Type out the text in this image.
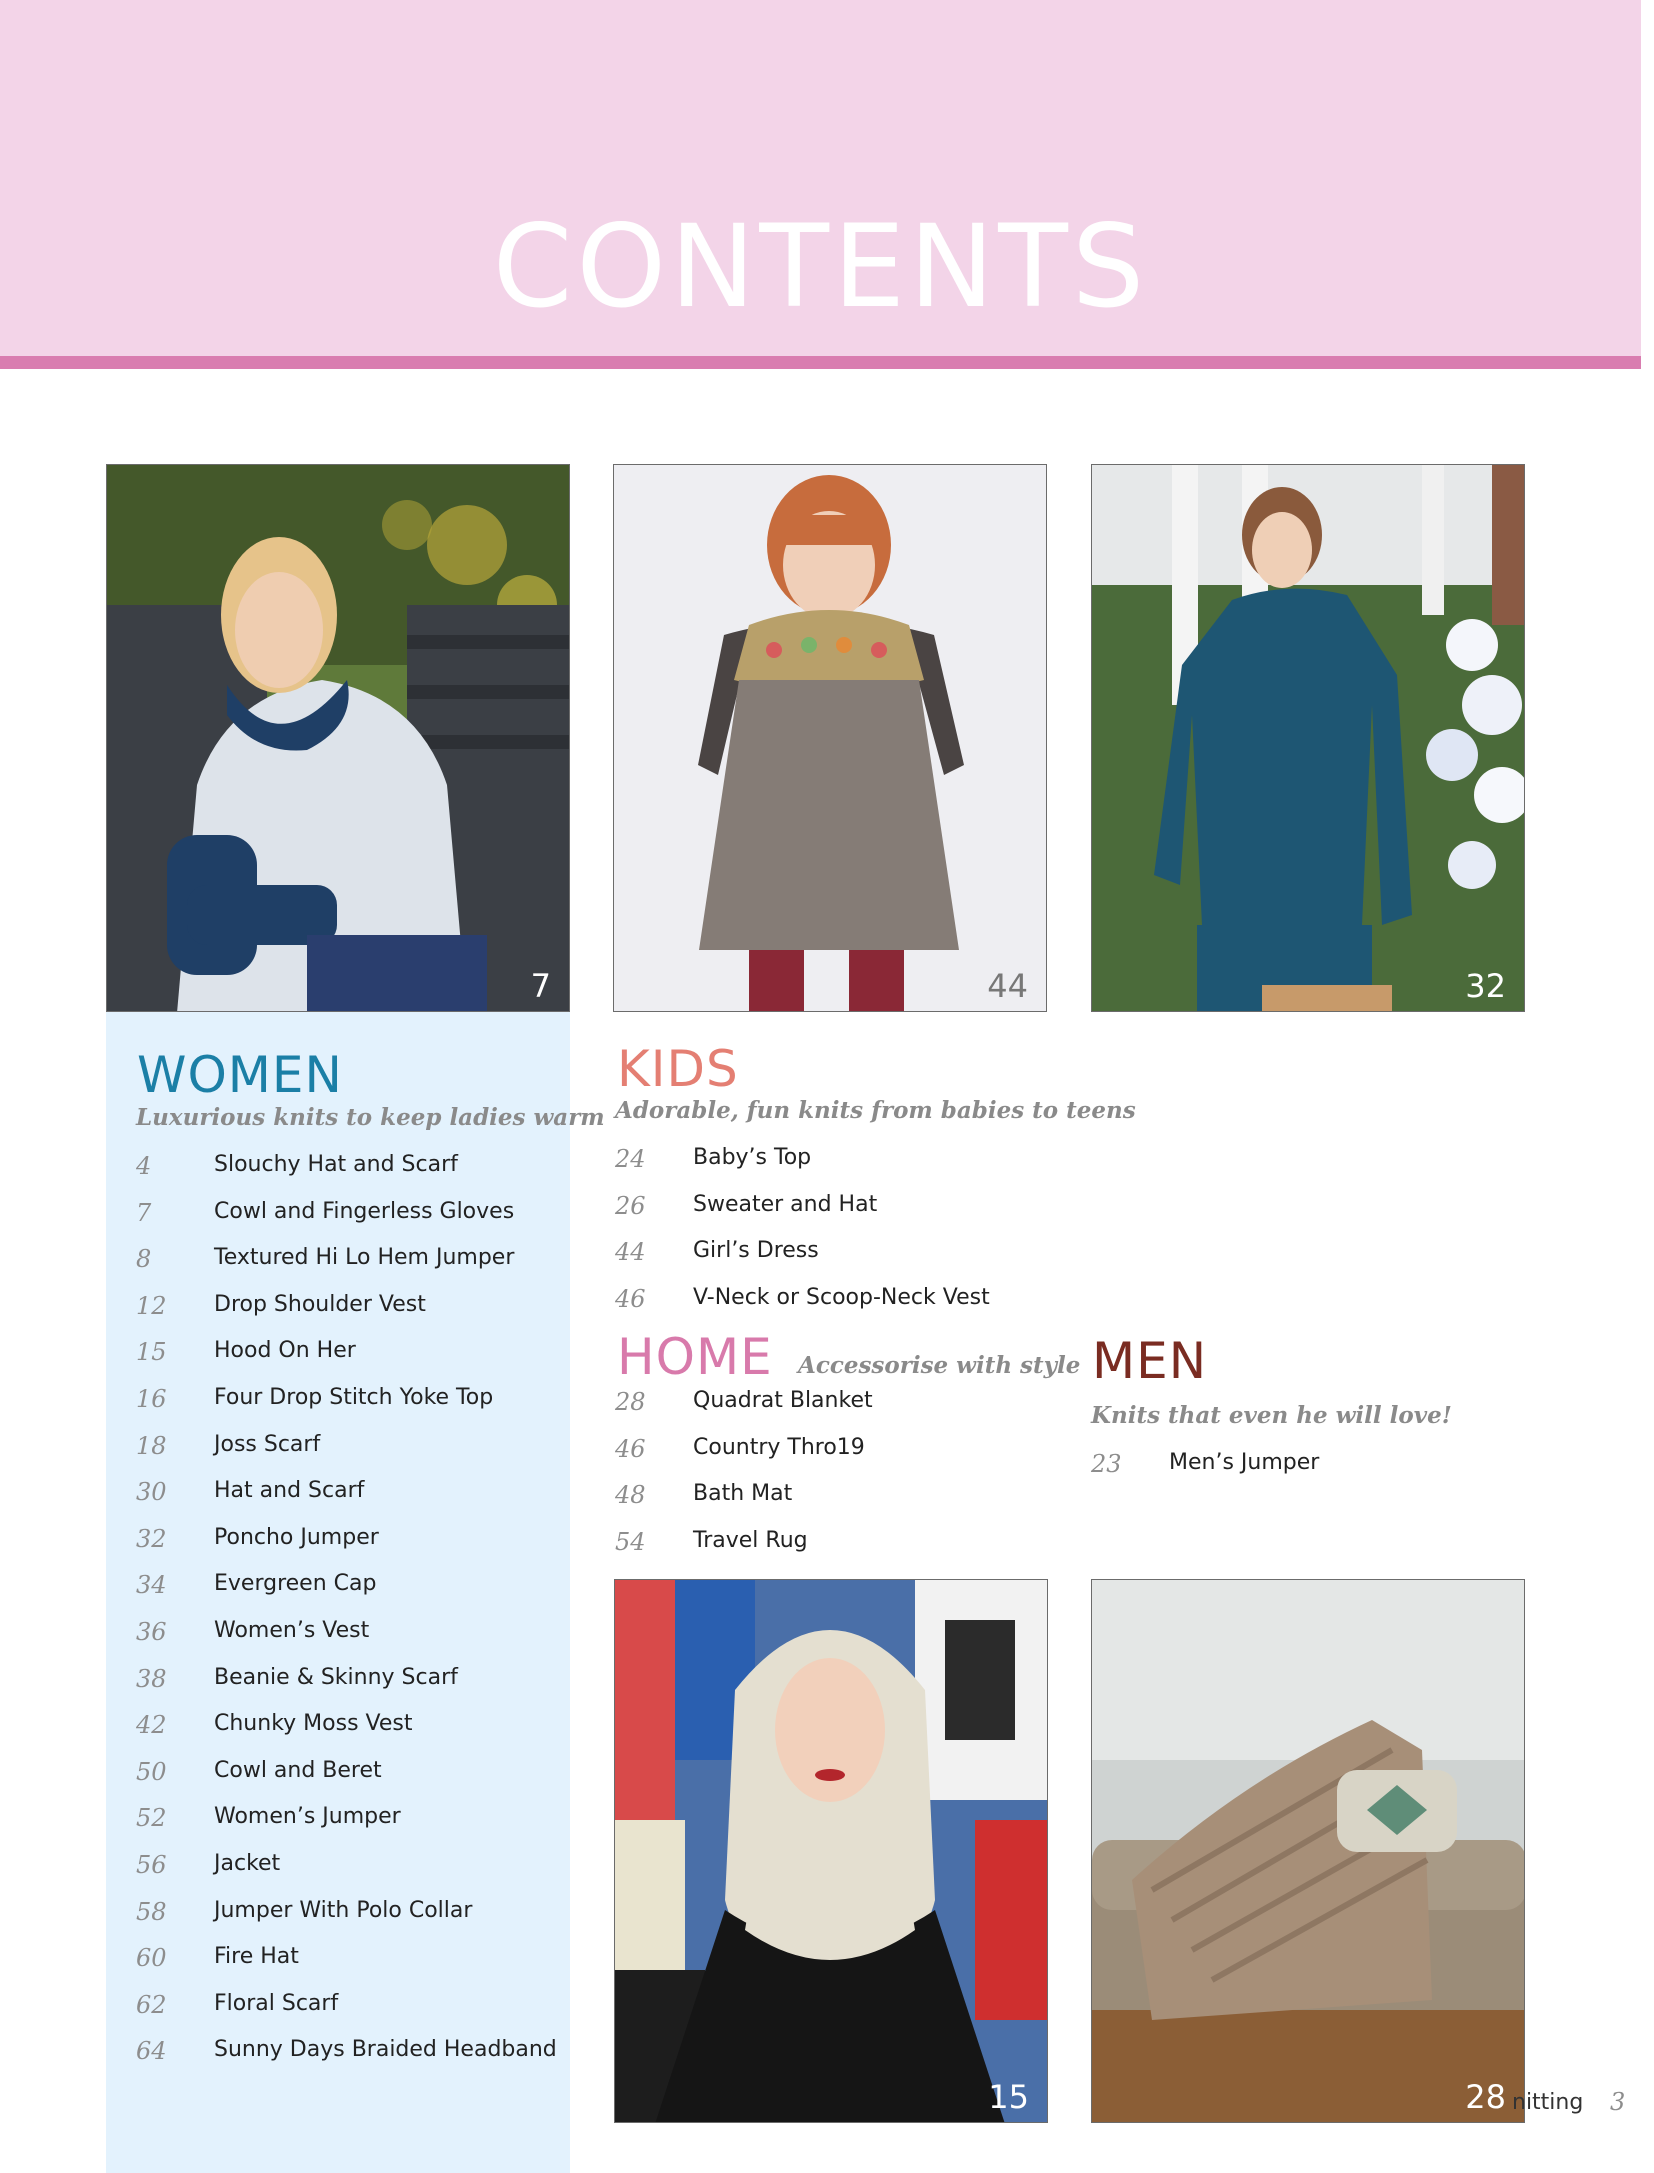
CONTENTS
7	44	32
15	28
WOMEN
Luxurious knits to keep ladies warm
4	Slouchy Hat and Scarf
7	Cowl and Fingerless Gloves
8	Textured Hi Lo Hem Jumper
12 Drop Shoulder Vest
15 Hood On Her
16 Four Drop Stitch Yoke Top
18 Joss Scarf
30 Hat and Scarf
32 Poncho Jumper
34 Evergreen Cap
36 Women’s Vest
38 Beanie & Skinny Scarf
42 Chunky Moss Vest
50 Cowl and Beret
52 Women’s Jumper
56 Jacket
58 Jumper With Polo Collar
60 Fire Hat
62 Floral Scarf
64 Sunny Days Braided Headband
KIDS
Adorable, fun knits from babies to teens
24 Baby’s Top
26 Sweater and Hat
44 Girl’s Dress
46 V-Neck or Scoop-Neck Vest
HOME Accessorise with style
28 Quadrat Blanket
46 Country Thro19
48 Bath Mat
54 Travel Rug
MEN
Knits that even he will love!
23 Men’s Jumper
nitting 3
